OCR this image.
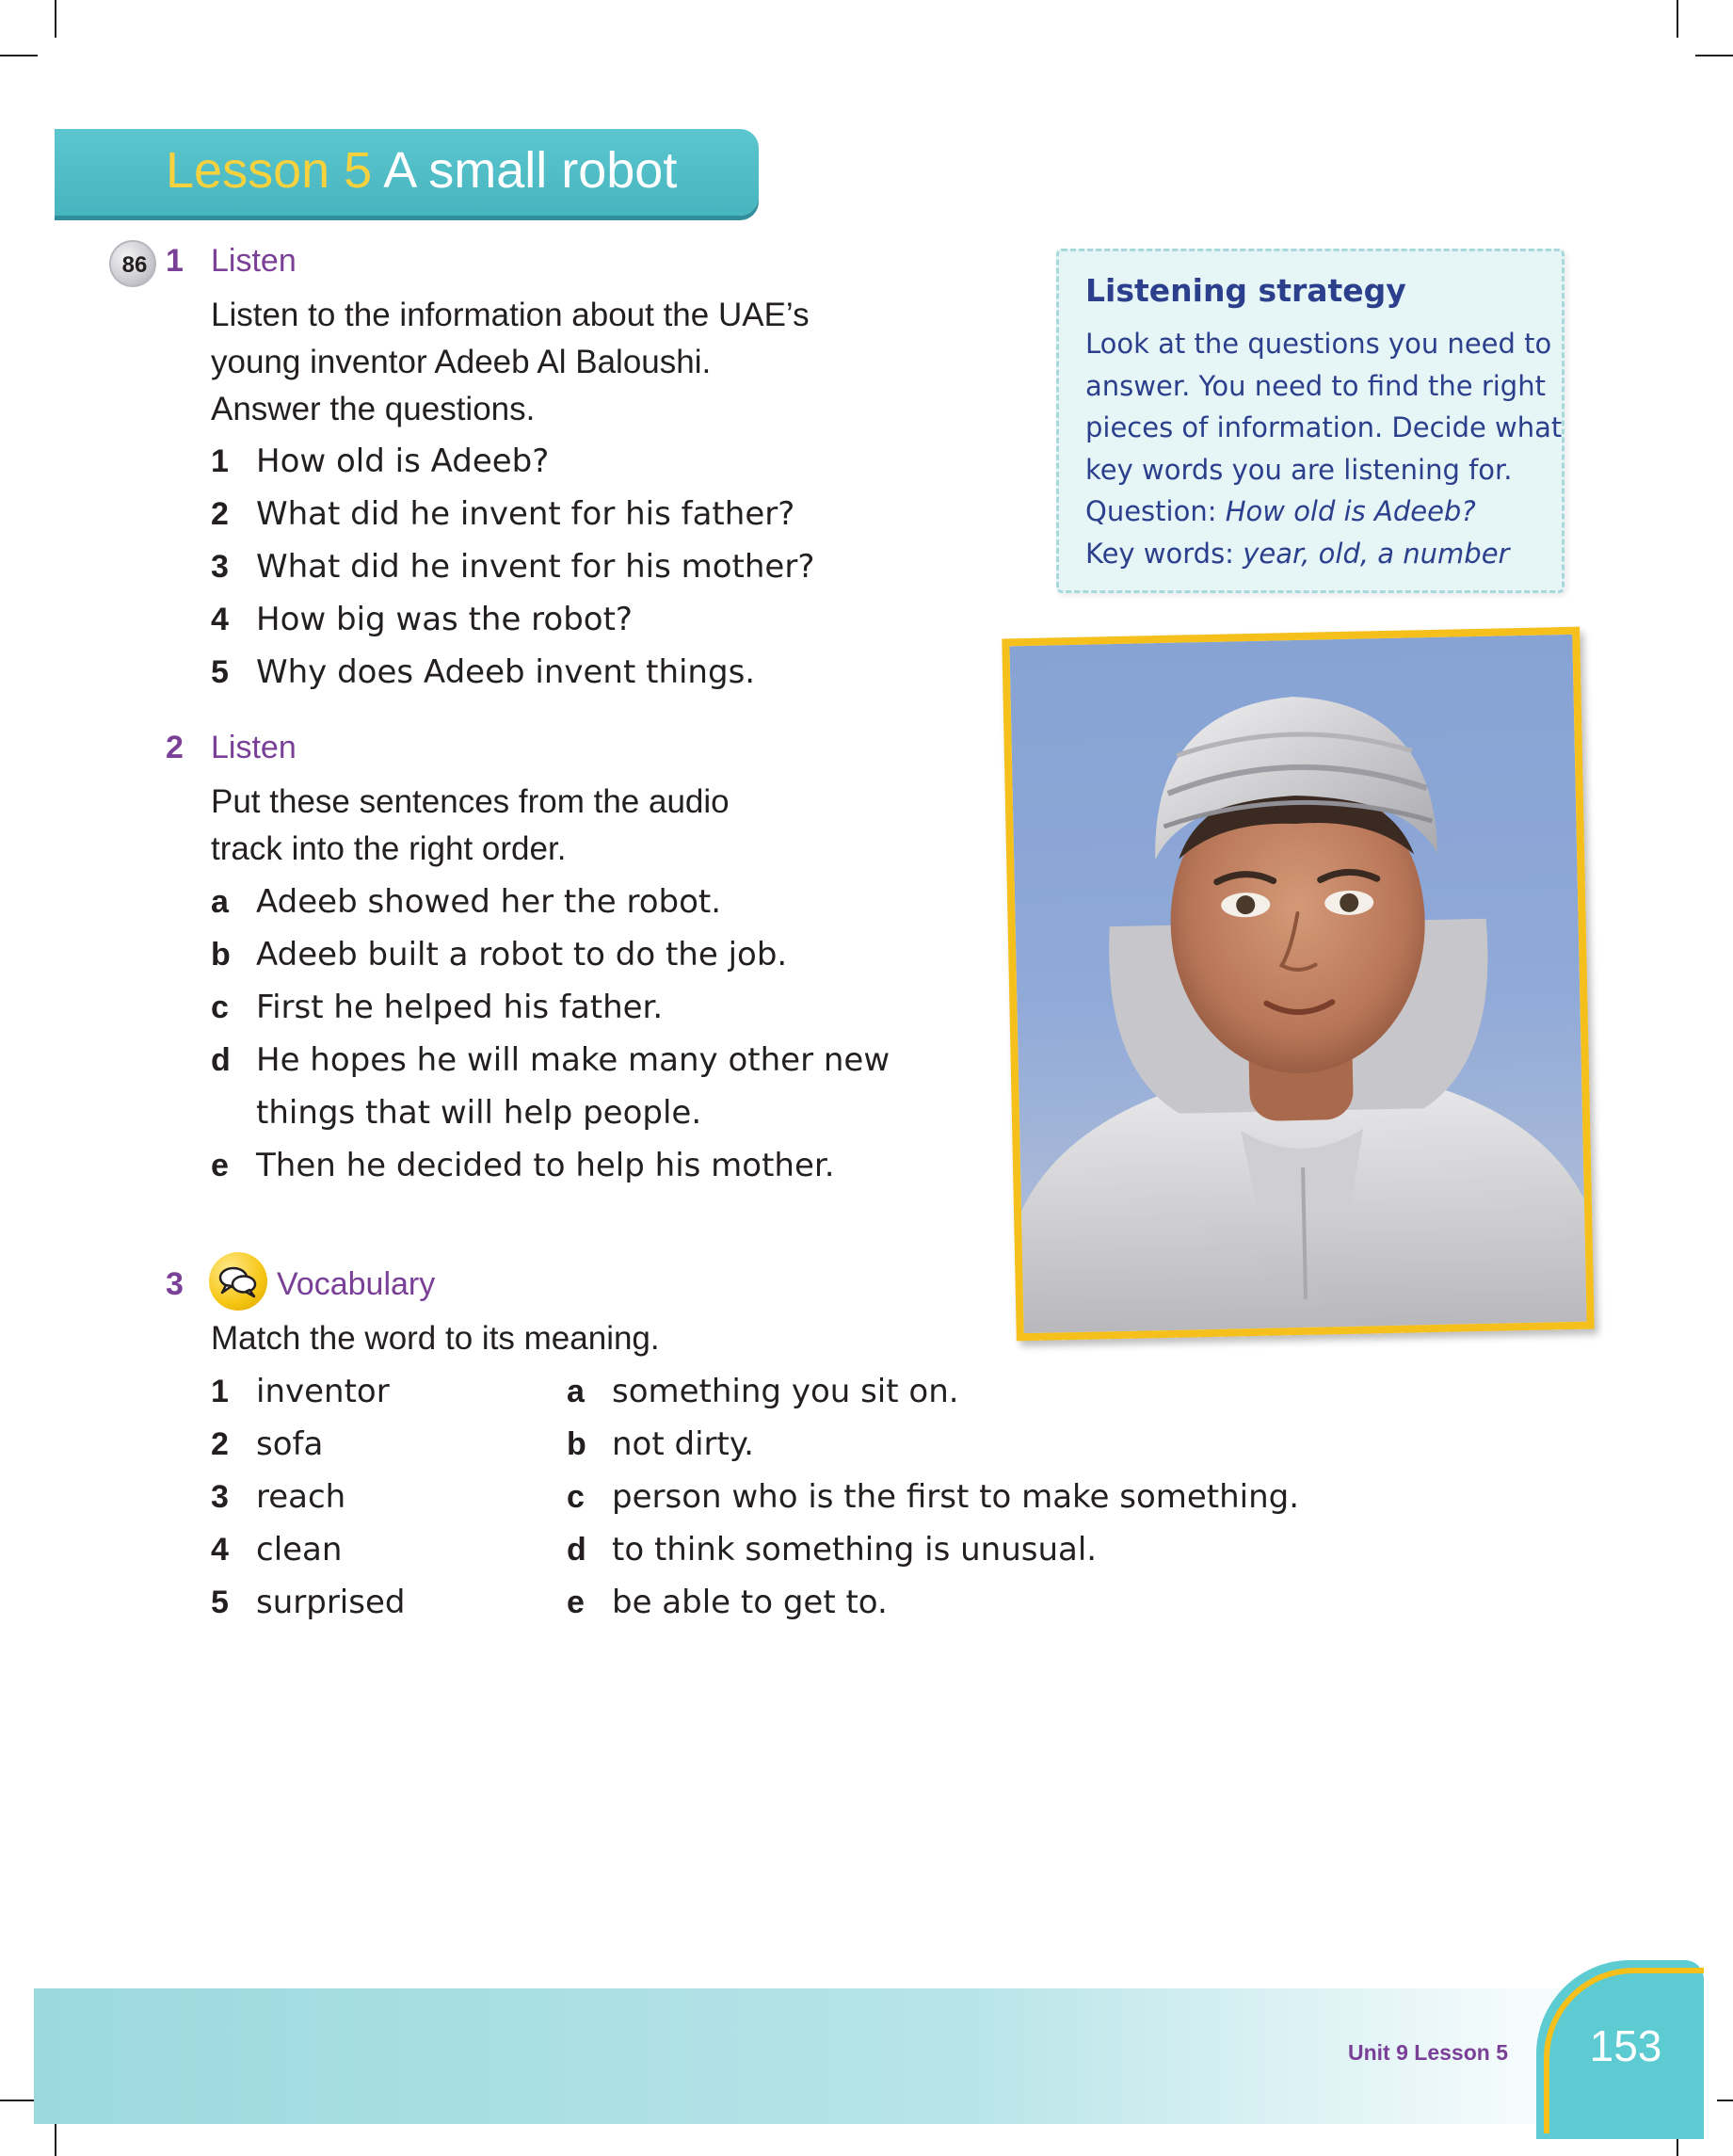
Lesson 5 A small robot
86 1 Listen
Listen to the information about the UAE’s
young inventor Adeeb Al Baloushi.
Answer the questions.
1 How old is Adeeb?
2 What did he invent for his father?
3 What did he invent for his mother?
4 How big was the robot?
5 Why does Adeeb invent things.
2 Listen
Put these sentences from the audio
track into the right order.
a Adeeb showed her the robot.
b Adeeb built a robot to do the job.
c First he helped his father.
d He hopes he will make many other new
things that will help people.
e Then he decided to help his mother.
3	Vocabulary
Match the word to its meaning.
1 inventor
2 sofa
3 reach
4 clean
5 surprised
a something you sit on.
b not dirty.
c person who is the first to make something.
d to think something is unusual.
e be able to get to.
Listening strategy
Look at the questions you need to
answer. You need to find the right
pieces of information. Decide what
key words you are listening for.
Question: How old is Adeeb?
Key words: year, old, a number
Unit 9 Lesson 5	153
